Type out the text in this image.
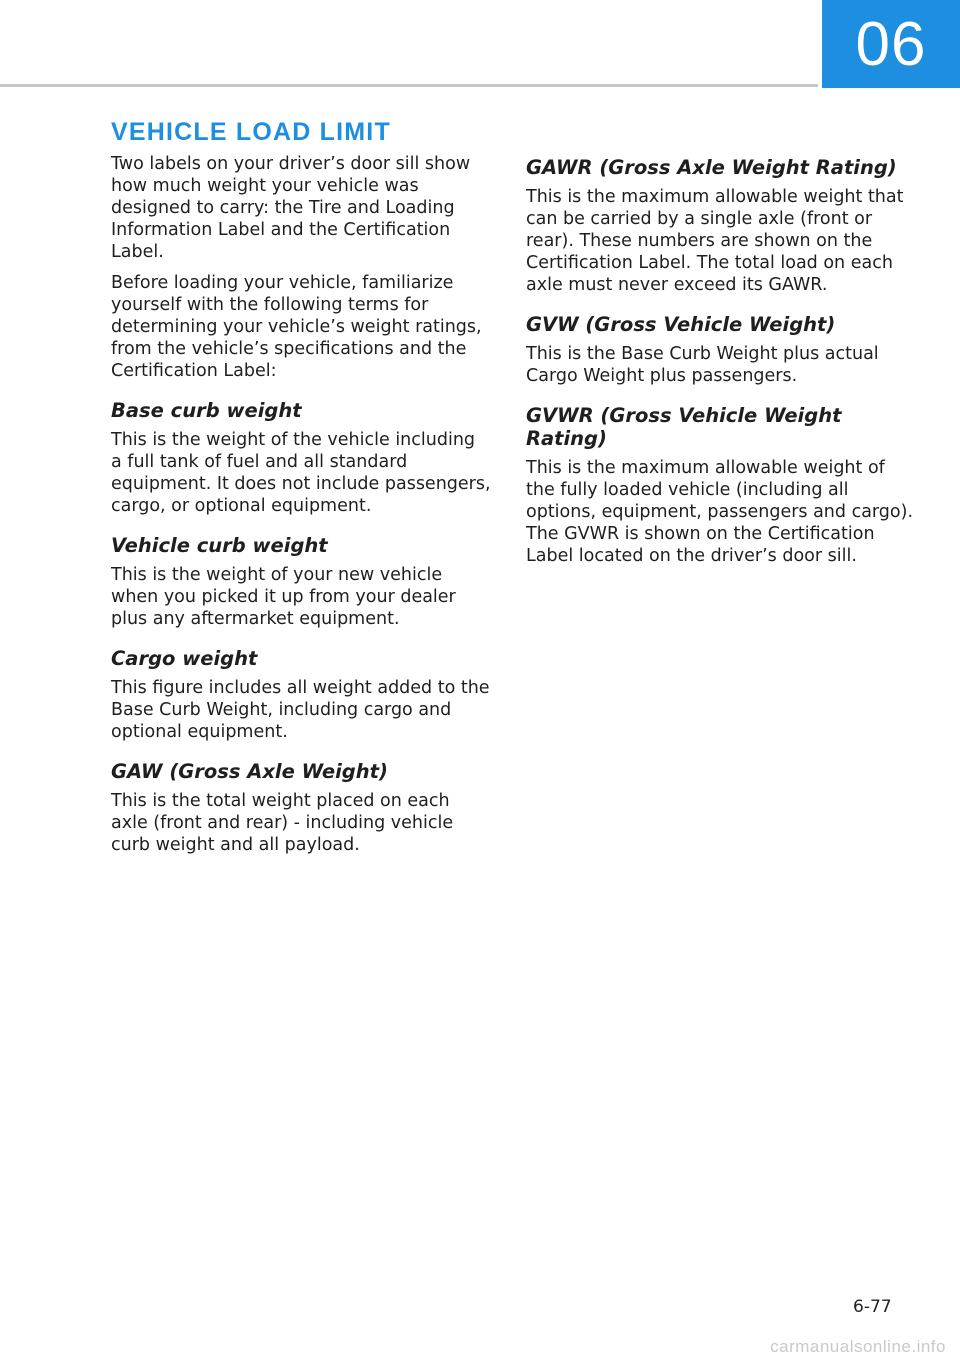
06
VEHICLE LOAD LIMIT

Two labels on your driver’s door sill show how much weight your vehicle was designed to carry: the Tire and Loading Information Label and the Certification Label.

Before loading your vehicle, familiarize yourself with the following terms for determining your vehicle’s weight ratings, from the vehicle’s specifications and the Certification Label:

Base curb weight

This is the weight of the vehicle including a full tank of fuel and all standard equipment. It does not include passengers, cargo, or optional equipment.

Vehicle curb weight

This is the weight of your new vehicle when you picked it up from your dealer plus any aftermarket equipment.

Cargo weight

This figure includes all weight added to the Base Curb Weight, including cargo and optional equipment.

GAW (Gross Axle Weight)

This is the total weight placed on each axle (front and rear) - including vehicle curb weight and all payload.

GAWR (Gross Axle Weight Rating)

This is the maximum allowable weight that can be carried by a single axle (front or rear). These numbers are shown on the Certification Label. The total load on each axle must never exceed its GAWR.

GVW (Gross Vehicle Weight)

This is the Base Curb Weight plus actual Cargo Weight plus passengers.

GVWR (Gross Vehicle Weight Rating)

This is the maximum allowable weight of the fully loaded vehicle (including all options, equipment, passengers and cargo). The GVWR is shown on the Certification Label located on the driver’s door sill.

6-77
carmanualsonline.info
